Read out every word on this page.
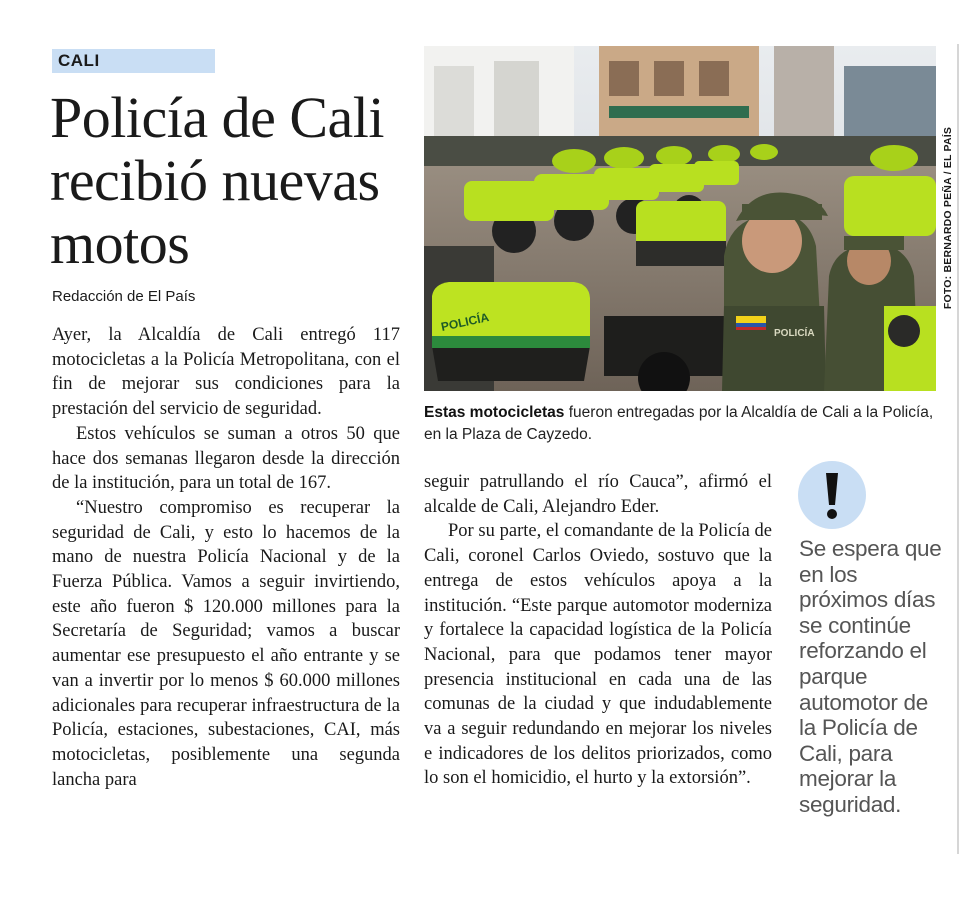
CALI
Policía de Cali recibió nuevas motos
Redacción de El País

Ayer, la Alcaldía de Cali entregó 117 motocicletas a la Policía Metropolitana, con el fin de mejorar sus condiciones para la prestación del servicio de seguridad.

Estos vehículos se suman a otros 50 que hace dos semanas llegaron desde la dirección de la institución, para un total de 167.

“Nuestro compromiso es recuperar la seguridad de Cali, y esto lo hacemos de la mano de nuestra Policía Nacional y de la Fuerza Pública. Vamos a seguir invirtiendo, este año fueron $ 120.000 millones para la Secretaría de Seguridad; vamos a buscar aumentar ese presupuesto el año entrante y se van a invertir por lo menos $ 60.000 millones adicionales para recuperar infraestructura de la Policía, estaciones, subestaciones, CAI, más motocicletas, posiblemente una segunda lancha para

POLICÍA	POLICÍA
FOTO: BERNARDO PEÑA / EL PAÍS
Estas motocicletas fueron entregadas por la Alcaldía de Cali a la Policía, en la Plaza de Cayzedo.

seguir patrullando el río Cauca”, afirmó el alcalde de Cali, Alejandro Eder.

Por su parte, el comandante de la Policía de Cali, coronel Carlos Oviedo, sostuvo que la entrega de estos vehículos apoya a la institución. “Este parque automotor moderniza y fortalece la capacidad logística de la Policía Nacional, para que podamos tener mayor presencia institucional en cada una de las comunas de la ciudad y que indudablemente va a seguir redundando en mejorar los niveles e indicadores de los delitos priorizados, como lo son el homicidio, el hurto y la extorsión”.

Se espera que en los próximos días se continúe reforzando el parque automotor de la Policía de Cali, para mejorar la seguridad.
